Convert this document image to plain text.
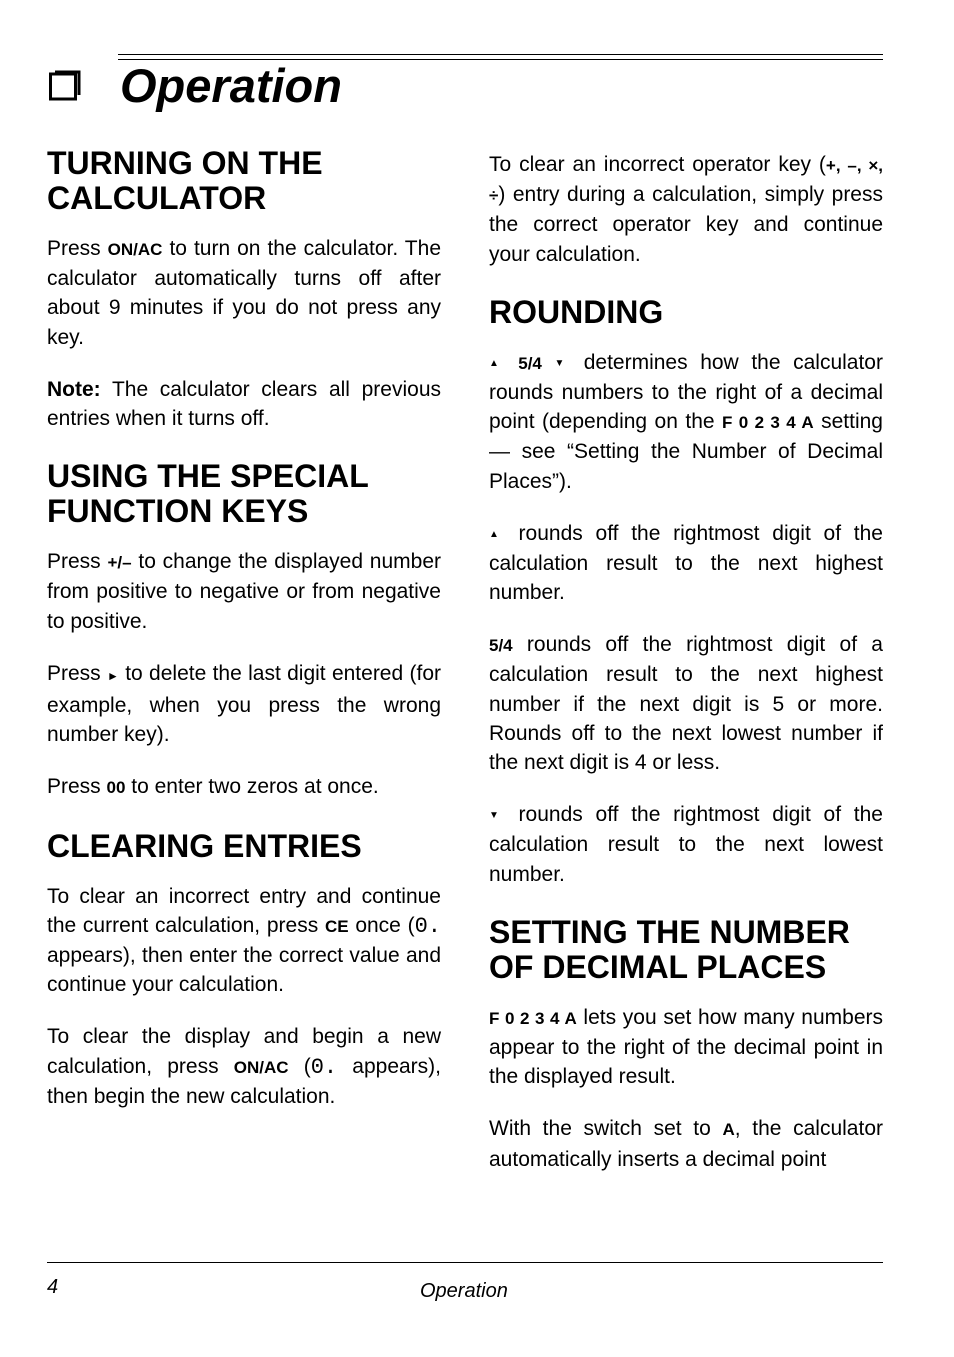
Operation
TURNING ON THE CALCULATOR

Press ON/AC to turn on the calculator. The calculator automatically turns off after about 9 minutes if you do not press any key.

Note: The calculator clears all previous entries when it turns off.

USING THE SPECIAL FUNCTION KEYS

Press +/– to change the displayed number from positive to negative or from negative to positive.

Press ► to delete the last digit entered (for example, when you press the wrong number key).

Press 00 to enter two zeros at once.

CLEARING ENTRIES

To clear an incorrect entry and continue the current calculation, press CE once (0. appears), then enter the correct value and continue your calculation.

To clear the display and begin a new calculation, press ON/AC (0. appears), then begin the new calculation.

To clear an incorrect operator key (+, –, ×, ÷) entry during a calculation, simply press the correct operator key and continue your calculation.

ROUNDING

▲ 5/4 ▼ determines how the calculator rounds numbers to the right of a decimal point (depending on the F 0 2 3 4 A setting — see “Setting the Number of Decimal Places”).

▲ rounds off the rightmost digit of the calculation result to the next highest number.

5/4 rounds off the rightmost digit of a calculation result to the next highest number if the next digit is 5 or more. Rounds off to the next lowest number if the next digit is 4 or less.

▼ rounds off the rightmost digit of the calculation result to the next lowest number.

SETTING THE NUMBER OF DECIMAL PLACES

F 0 2 3 4 A lets you set how many numbers appear to the right of the decimal point in the displayed result.

With the switch set to A, the calculator automatically inserts a decimal point

4	Operation
